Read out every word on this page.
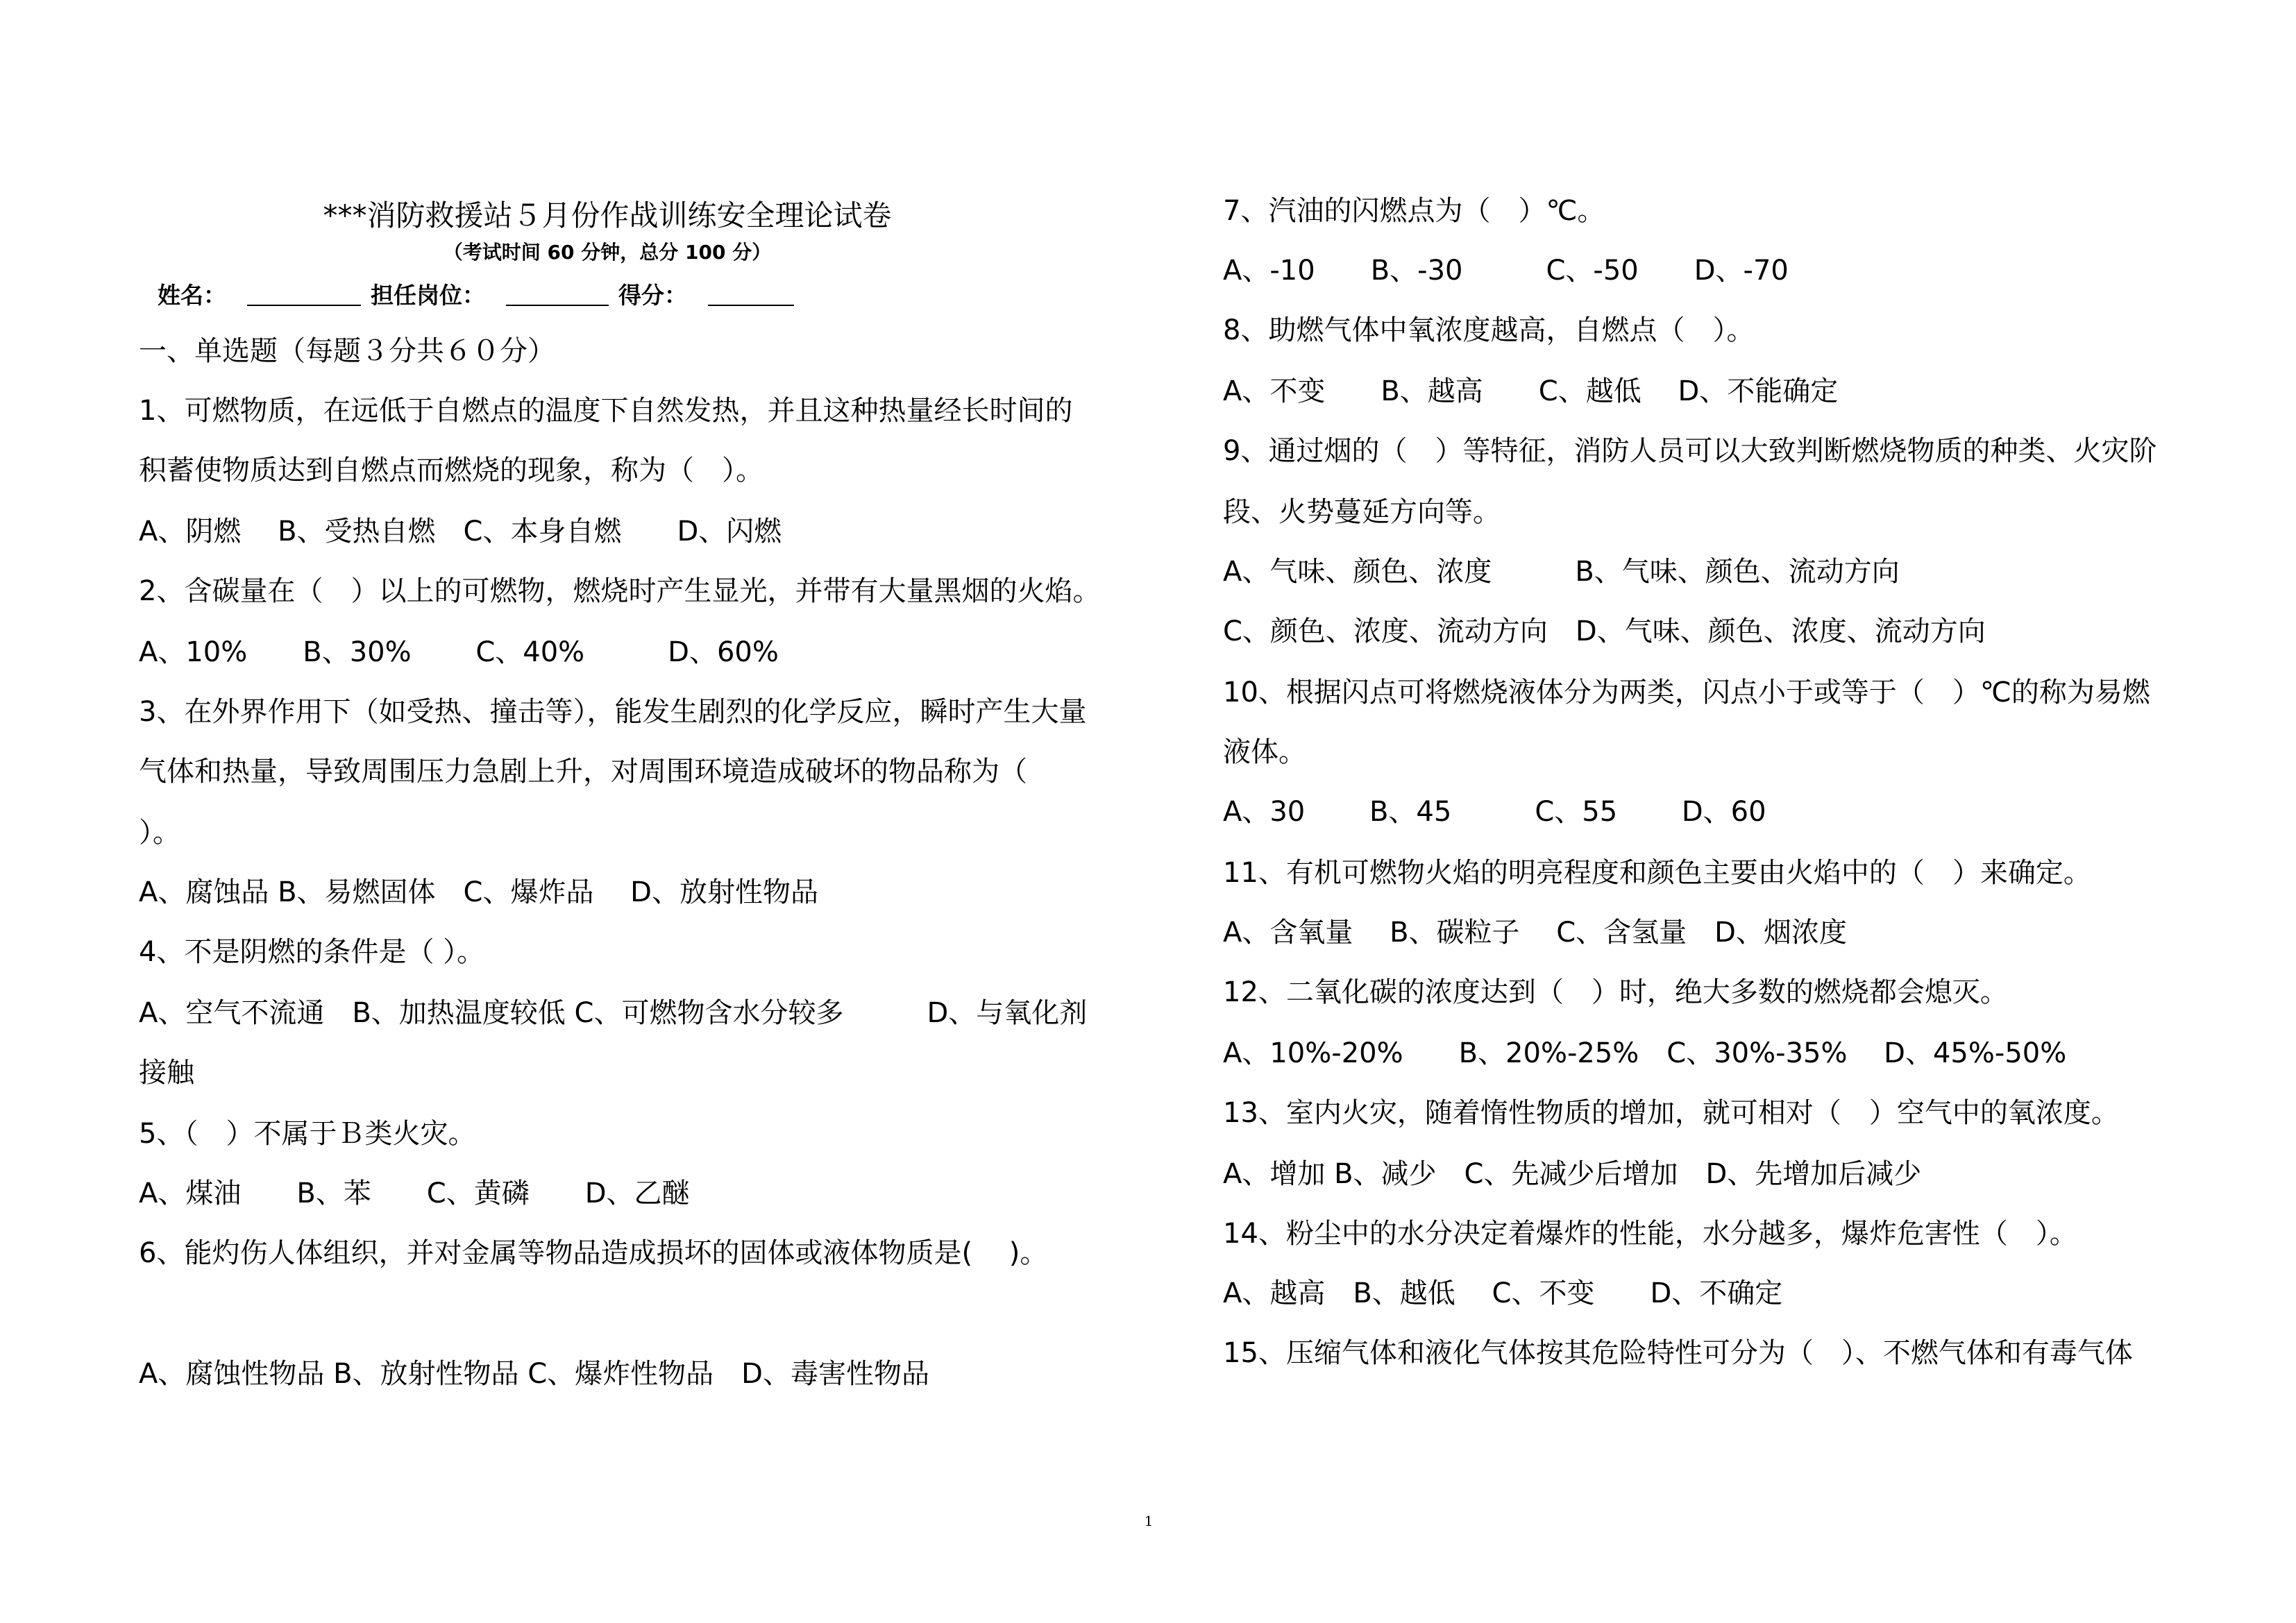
***消防救援站５月份作战训练安全理论试卷
（考试时间 60 分钟，总分 100 分）
姓名：	担任岗位：	得分：
一、单选题（每题３分共６０分）
1、可燃物质，在远低于自燃点的温度下自然发热，并且这种热量经长时间的
积蓄使物质达到自燃点而燃烧的现象，称为（　）。
A、阴燃　 B、受热自燃　C、本身自燃　　D、闪燃
2、含碳量在（　）以上的可燃物，燃烧时产生显光，并带有大量黑烟的火焰。
A、10%　　B、30%　　 C、40%　　　D、60%
3、在外界作用下（如受热、撞击等），能发生剧烈的化学反应，瞬时产生大量
气体和热量，导致周围压力急剧上升，对周围环境造成破坏的物品称为（
）。
A、腐蚀品 B、易燃固体　C、爆炸品　 D、放射性物品
4、不是阴燃的条件是（ ）。
A、空气不流通　B、加热温度较低 C、可燃物含水分较多　　　D、与氧化剂
接触
5、（　）不属于Ｂ类火灾。
A、煤油　　B、苯　　C、黄磷　　D、乙醚
6、能灼伤人体组织，并对金属等物品造成损坏的固体或液体物质是(　 )。
A、腐蚀性物品 B、放射性物品 C、爆炸性物品　D、毒害性物品
7、汽油的闪燃点为（　）℃。
A、-10　　B、-30　　　C、-50　　D、-70
8、助燃气体中氧浓度越高，自燃点（　）。
A、不变　　B、越高　　C、越低　 D、不能确定
9、通过烟的（　）等特征，消防人员可以大致判断燃烧物质的种类、火灾阶
段、火势蔓延方向等。
A、气味、颜色、浓度　　　B、气味、颜色、流动方向
C、颜色、浓度、流动方向　D、气味、颜色、浓度、流动方向
10、根据闪点可将燃烧液体分为两类，闪点小于或等于（　）℃的称为易燃
液体。
A、30　　 B、45　　　C、55　　 D、60
11、有机可燃物火焰的明亮程度和颜色主要由火焰中的（　）来确定。
A、含氧量　 B、碳粒子　 C、含氢量　D、烟浓度
12、二氧化碳的浓度达到（　）时，绝大多数的燃烧都会熄灭。
A、10%-20%　　B、20%-25%　C、30%-35%　 D、45%-50%
13、室内火灾，随着惰性物质的增加，就可相对（　）空气中的氧浓度。
A、增加 B、减少　C、先减少后增加　D、先增加后减少
14、粉尘中的水分决定着爆炸的性能，水分越多，爆炸危害性（　）。
A、越高　B、越低　 C、不变　　D、不确定
15、压缩气体和液化气体按其危险特性可分为（　）、不燃气体和有毒气体
1
